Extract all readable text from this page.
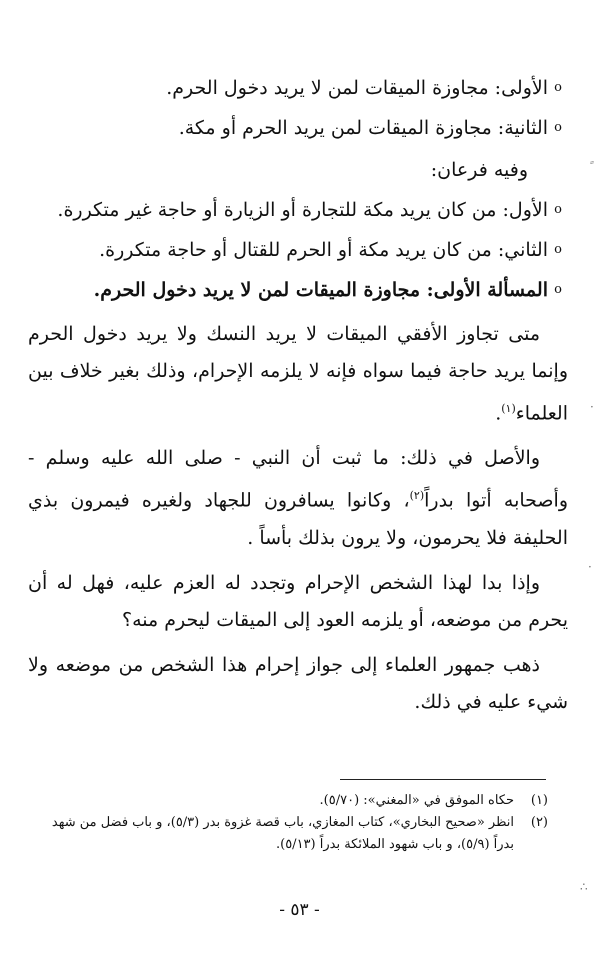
o
الأولى: مجاوزة الميقات لمن لا يريد دخول الحرم.
o
الثانية: مجاوزة الميقات لمن يريد الحرم أو مكة.

وفيه فرعان:

o
الأول: من كان يريد مكة للتجارة أو الزيارة أو حاجة غير متكررة.
o
الثاني: من كان يريد مكة أو الحرم للقتال أو حاجة متكررة.
o
المسألة الأولى: مجاوزة الميقات لمن لا يريد دخول الحرم.

متى تجاوز الأفقي الميقات لا يريد النسك ولا يريد دخول الحرم وإنما يريد حاجة فيما سواه فإنه لا يلزمه الإحرام، وذلك بغير خلاف بين العلماء$^{(١)}$.

والأصل في ذلك: ما ثبت أن النبي - صلى الله عليه وسلم - وأصحابه أتوا بدراً$^{(٢)}$، وكانوا يسافرون للجهاد ولغيره فيمرون بذي الحليفة فلا يحرمون، ولا يرون بذلك بأساً .

وإذا بدا لهذا الشخص الإحرام وتجدد له العزم عليه، فهل له أن يحرم من موضعه، أو يلزمه العود إلى الميقات ليحرم منه؟

ذهب جمهور العلماء إلى جواز إحرام هذا الشخص من موضعه ولا شيء عليه في ذلك.

(١)
حكاه الموفق في «المغني»: (٥/٧٠).
(٢)
انظر «صحيح البخاري»، كتاب المغازي، باب قصة غزوة بدر (٥/٣)، و باب فضل من شهد بدراً (٥/٩)، و باب شهود الملائكة بدراً (٥/١٣).
- ٥٣ -
·
·
∴
